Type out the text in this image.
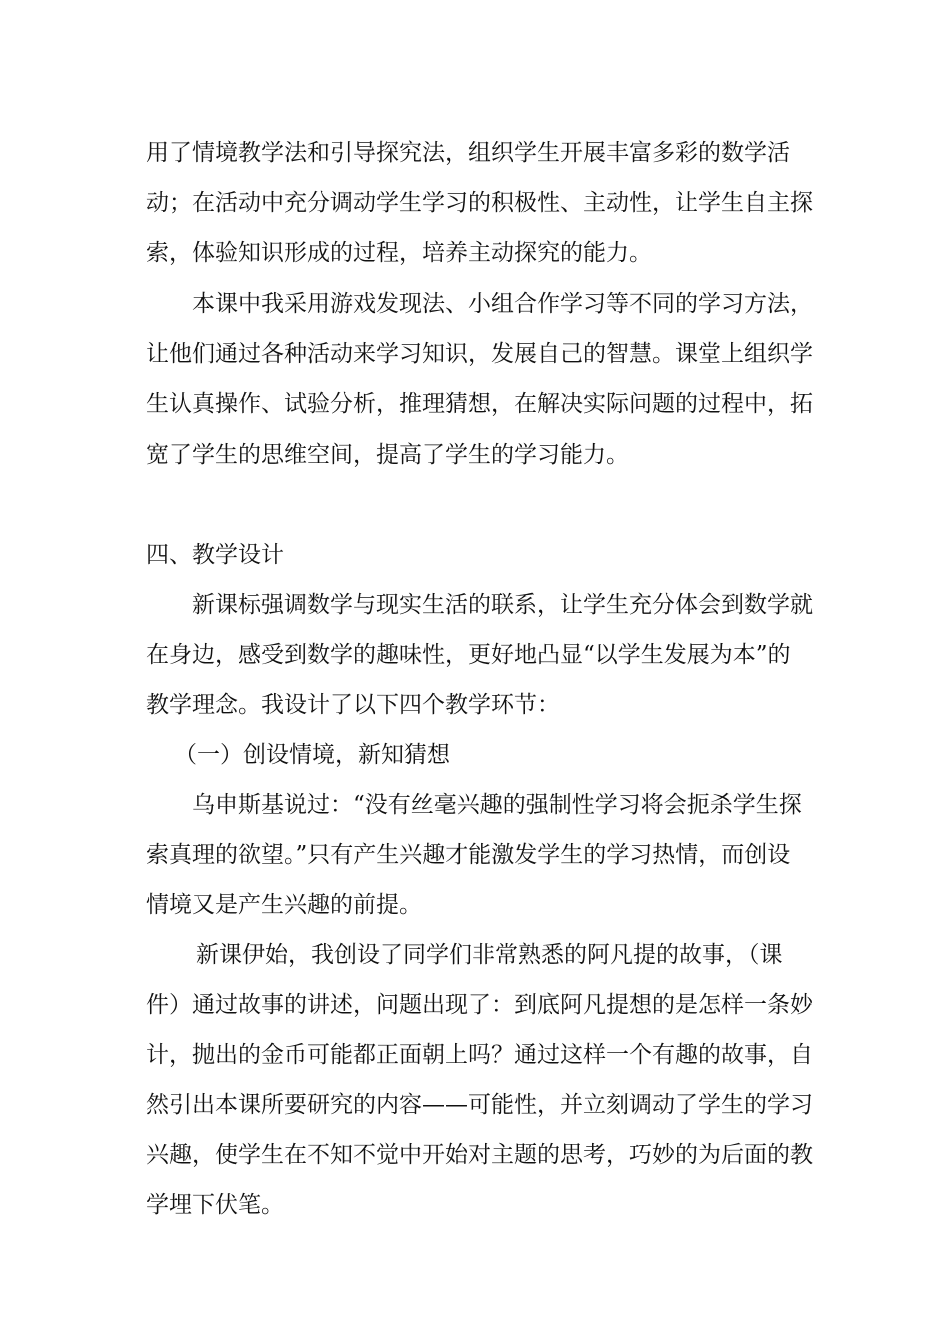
用了情境教学法和引导探究法，组织学生开展丰富多彩的数学活
动；在活动中充分调动学生学习的积极性、主动性，让学生自主探
索，体验知识形成的过程，培养主动探究的能力。
本课中我采用游戏发现法、小组合作学习等不同的学习方法，
让他们通过各种活动来学习知识，发展自己的智慧。课堂上组织学
生认真操作、试验分析，推理猜想，在解决实际问题的过程中，拓
宽了学生的思维空间，提高了学生的学习能力。
四、教学设计
新课标强调数学与现实生活的联系，让学生充分体会到数学就
在身边，感受到数学的趣味性，更好地凸显“以学生发展为本”的
教学理念。我设计了以下四个教学环节：
（一）创设情境，新知猜想
乌申斯基说过：“没有丝毫兴趣的强制性学习将会扼杀学生探
索真理的欲望。”只有产生兴趣才能激发学生的学习热情，而创设
情境又是产生兴趣的前提。
新课伊始，我创设了同学们非常熟悉的阿凡提的故事，（课
件）通过故事的讲述，问题出现了：到底阿凡提想的是怎样一条妙
计，抛出的金币可能都正面朝上吗？通过这样一个有趣的故事，自
然引出本课所要研究的内容——可能性，并立刻调动了学生的学习
兴趣，使学生在不知不觉中开始对主题的思考，巧妙的为后面的教
学埋下伏笔。
